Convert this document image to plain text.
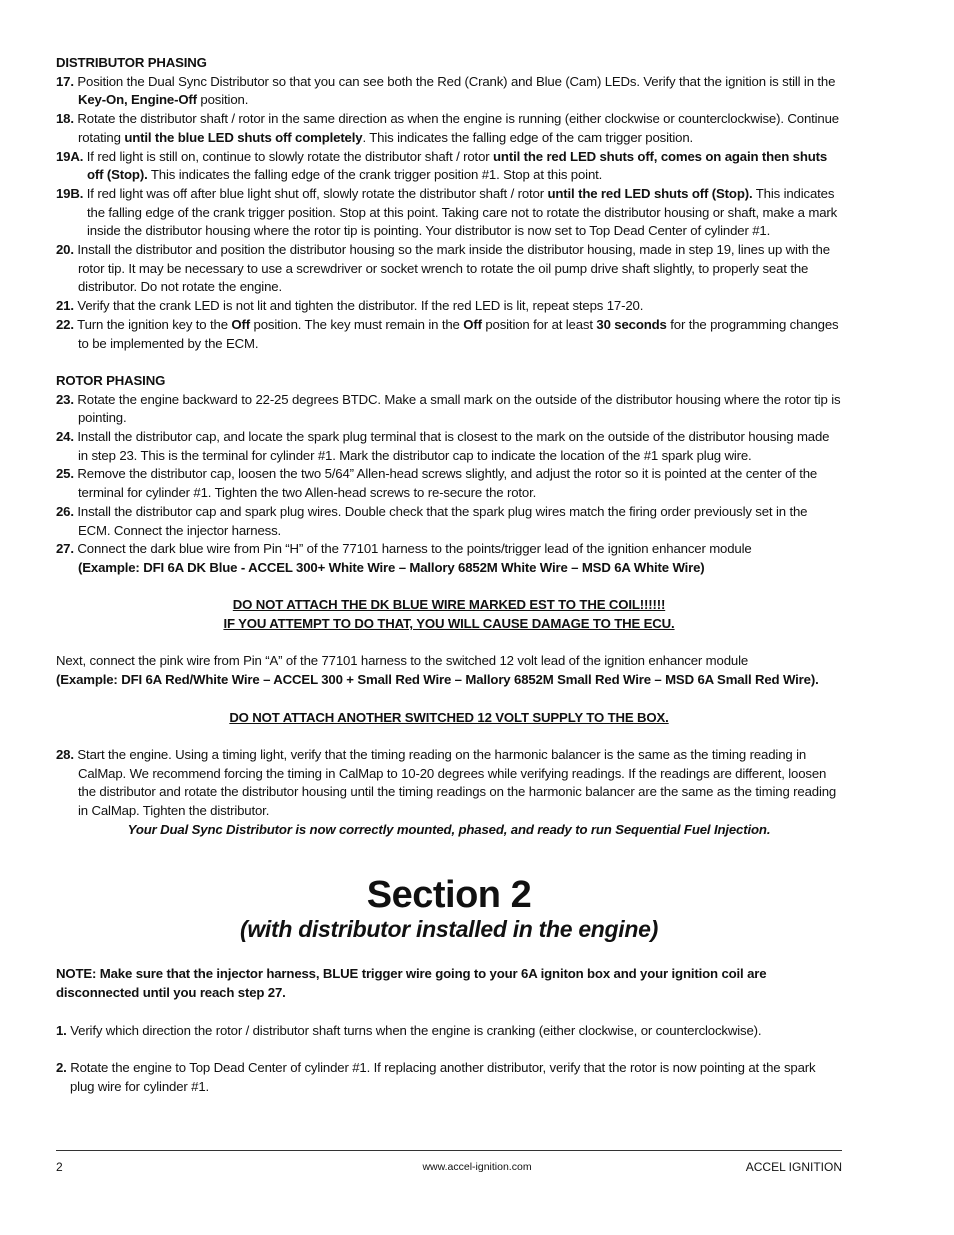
DISTRIBUTOR PHASING

17. Position the Dual Sync Distributor so that you can see both the Red (Crank) and Blue (Cam) LEDs. Verify that the ignition is still in the Key-On, Engine-Off position.

18. Rotate the distributor shaft / rotor in the same direction as when the engine is running (either clockwise or counterclockwise). Continue rotating until the blue LED shuts off completely. This indicates the falling edge of the cam trigger position.

19A. If red light is still on, continue to slowly rotate the distributor shaft / rotor until the red LED shuts off, comes on again then shuts off (Stop). This indicates the falling edge of the crank trigger position #1. Stop at this point.

19B. If red light was off after blue light shut off, slowly rotate the distributor shaft / rotor until the red LED shuts off (Stop). This indicates the falling edge of the crank trigger position. Stop at this point. Taking care not to rotate the distributor housing or shaft, make a mark inside the distributor housing where the rotor tip is pointing. Your distributor is now set to Top Dead Center of cylinder #1.

20. Install the distributor and position the distributor housing so the mark inside the distributor housing, made in step 19, lines up with the rotor tip. It may be necessary to use a screwdriver or socket wrench to rotate the oil pump drive shaft slightly, to properly seat the distributor. Do not rotate the engine.

21. Verify that the crank LED is not lit and tighten the distributor. If the red LED is lit, repeat steps 17-20.

22. Turn the ignition key to the Off position. The key must remain in the Off position for at least 30 seconds for the programming changes to be implemented by the ECM.

ROTOR PHASING

23. Rotate the engine backward to 22-25 degrees BTDC. Make a small mark on the outside of the distributor housing where the rotor tip is pointing.

24. Install the distributor cap, and locate the spark plug terminal that is closest to the mark on the outside of the distributor housing made in step 23. This is the terminal for cylinder #1. Mark the distributor cap to indicate the location of the #1 spark plug wire.

25. Remove the distributor cap, loosen the two 5/64” Allen-head screws slightly, and adjust the rotor so it is pointed at the center of the terminal for cylinder #1. Tighten the two Allen-head screws to re-secure the rotor.

26. Install the distributor cap and spark plug wires. Double check that the spark plug wires match the firing order previously set in the ECM. Connect the injector harness.

27. Connect the dark blue wire from Pin “H” of the 77101 harness to the points/trigger lead of the ignition enhancer module

(Example: DFI 6A DK Blue - ACCEL 300+ White Wire – Mallory 6852M White Wire – MSD 6A White Wire)

DO NOT ATTACH THE DK BLUE WIRE MARKED EST TO THE COIL!!!!!!

IF YOU ATTEMPT TO DO THAT, YOU WILL CAUSE DAMAGE TO THE ECU.

Next, connect the pink wire from Pin “A” of the 77101 harness to the switched 12 volt lead of the ignition enhancer module

(Example: DFI 6A Red/White Wire – ACCEL 300 + Small Red Wire – Mallory 6852M Small Red Wire – MSD 6A Small Red Wire).

DO NOT ATTACH ANOTHER SWITCHED 12 VOLT SUPPLY TO THE BOX.

28. Start the engine. Using a timing light, verify that the timing reading on the harmonic balancer is the same as the timing reading in CalMap. We recommend forcing the timing in CalMap to 10-20 degrees while verifying readings. If the readings are different, loosen the distributor and rotate the distributor housing until the timing readings on the harmonic balancer are the same as the timing reading in CalMap. Tighten the distributor.

Your Dual Sync Distributor is now correctly mounted, phased, and ready to run Sequential Fuel Injection.

Section 2
(with distributor installed in the engine)

NOTE: Make sure that the injector harness, BLUE trigger wire going to your 6A igniton box and your ignition coil are disconnected until you reach step 27.

1. Verify which direction the rotor / distributor shaft turns when the engine is cranking (either clockwise, or counterclockwise).

2. Rotate the engine to Top Dead Center of cylinder #1. If replacing another distributor, verify that the rotor is now pointing at the spark plug wire for cylinder #1.

2	www.accel-ignition.com	ACCEL IGNITION
